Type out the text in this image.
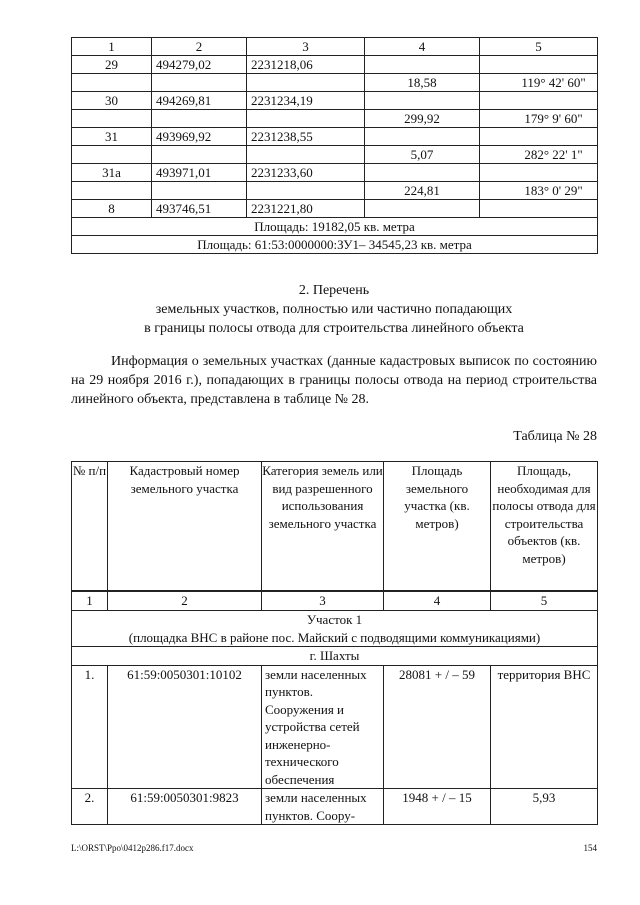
1	2	3	4	5
29	494279,02	2231218,06		
			18,58	119° 42' 60"
30	494269,81	2231234,19		
			299,92	179° 9' 60"
31	493969,92	2231238,55		
			5,07	282° 22' 1"
31а	493971,01	2231233,60		
			224,81	183° 0' 29"
8	493746,51	2231221,80		
Площадь: 19182,05 кв. метра				
Площадь: 61:53:0000000:ЗУ1– 34545,23 кв. метра				
2. Перечень
земельных участков, полностью или частично попадающих
в границы полосы отвода для строительства линейного объекта
Информация о земельных участках (данные кадастровых выписок по состоянию на 29 ноября 2016 г.), попадающих в границы полосы отвода на период строительства линейного объекта, представлена в таблице № 28.
Таблица № 28
№ п/п	Кадастровый номер земельного участка	Категория земель или вид разрешенного использования земельного участка	Площадь земельного участка (кв. метров)	Площадь, необходимая для полосы отвода для строительства объектов (кв. метров)
1	2	3	4	5

Участок 1
(площадка ВНС в районе пос. Майский с подводящими коммуникациями)				

г. Шахты				
1.	61:59:0050301:10102	земли населенных пунктов. Сооружения и устройства сетей инженерно-технического обеспечения	28081 + / – 59	территория ВНС
2.	61:59:0050301:9823	земли населенных пунктов. Соору-	1948 + / – 15	5,93
L:\ORST\Ppo\0412p286.f17.docx	154
